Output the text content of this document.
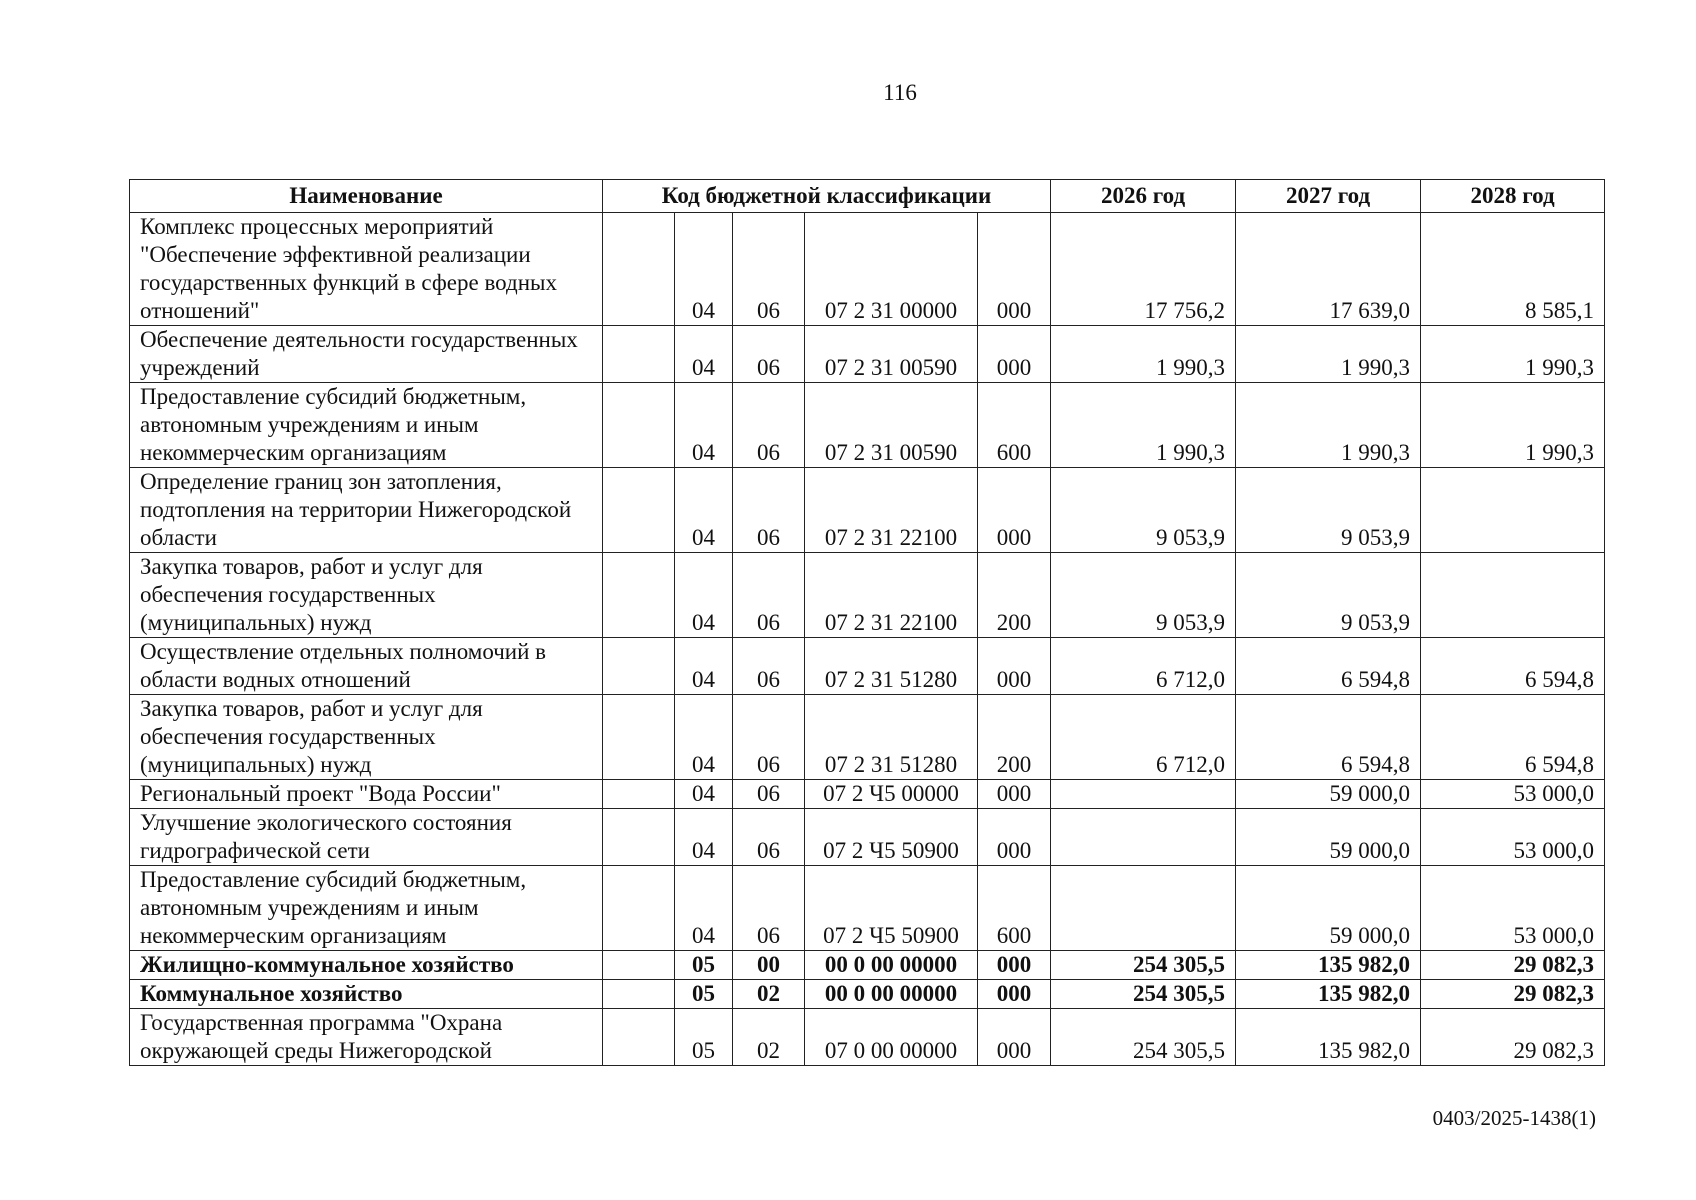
116
Наименование	Код бюджетной классификации					2026 год	2027 год	2028 год
Комплекс процессных мероприятий "Обеспечение эффективной реализации государственных функций в сфере водных отношений"		04	06	07 2 31 00000	000	17 756,2	17 639,0	8 585,1
Обеспечение деятельности государственных учреждений		04	06	07 2 31 00590	000	1 990,3	1 990,3	1 990,3
Предоставление субсидий бюджетным, автономным учреждениям и иным некоммерческим организациям		04	06	07 2 31 00590	600	1 990,3	1 990,3	1 990,3
Определение границ зон затопления, подтопления на территории Нижегородской области		04	06	07 2 31 22100	000	9 053,9	9 053,9	
Закупка товаров, работ и услуг для обеспечения государственных (муниципальных) нужд		04	06	07 2 31 22100	200	9 053,9	9 053,9	
Осуществление отдельных полномочий в области водных отношений		04	06	07 2 31 51280	000	6 712,0	6 594,8	6 594,8
Закупка товаров, работ и услуг для обеспечения государственных (муниципальных) нужд		04	06	07 2 31 51280	200	6 712,0	6 594,8	6 594,8
Региональный проект "Вода России"		04	06	07 2 Ч5 00000	000		59 000,0	53 000,0
Улучшение экологического состояния гидрографической сети		04	06	07 2 Ч5 50900	000		59 000,0	53 000,0
Предоставление субсидий бюджетным, автономным учреждениям и иным некоммерческим организациям		04	06	07 2 Ч5 50900	600		59 000,0	53 000,0
Жилищно-коммунальное хозяйство		05	00	00 0 00 00000	000	254 305,5	135 982,0	29 082,3
Коммунальное хозяйство		05	02	00 0 00 00000	000	254 305,5	135 982,0	29 082,3
Государственная программа "Охрана окружающей среды Нижегородской		05	02	07 0 00 00000	000	254 305,5	135 982,0	29 082,3
0403/2025-1438(1)
